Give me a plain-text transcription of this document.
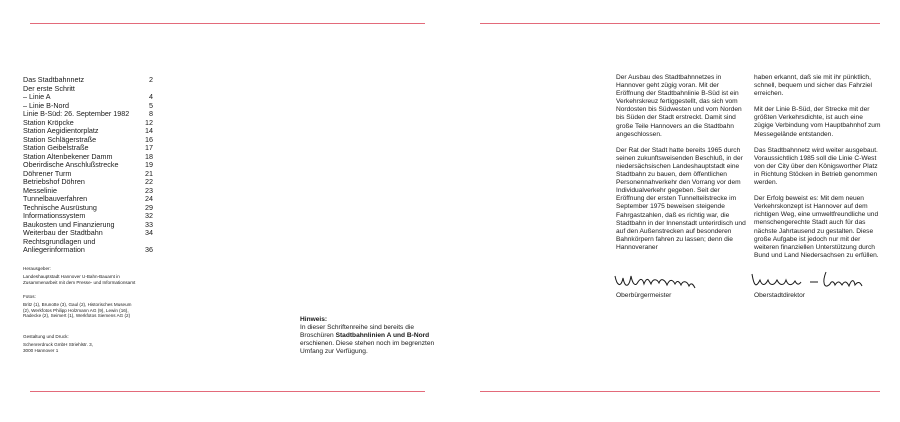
Das Stadtbahnnetz	2
Der erste Schritt
– Linie A	4
– Linie B-Nord	5
Linie B-Süd: 26. September 1982	8
Station Kröpcke	12
Station Aegidientorplatz	14
Station Schlägerstraße	16
Station Geibelstraße	17
Station Altenbekener Damm	18
Oberirdische Anschlußstrecke	19
Döhrener Turm	21
Betriebshof Döhren	22
Messelinie	23
Tunnelbauverfahren	24
Technische Ausrüstung	29
Informationssystem	32
Baukosten und Finanzierung	33
Weiterbau der Stadtbahn	34
Rechtsgrundlagen und Anliegerinformation	36
Herausgeber:
Landeshauptstadt Hannover U-Bahn-Bauamt in Zusammenarbeit mit dem Presse- und Informationsamt
Fotos:
Britz (1), Brunotte (3), Gaul (2), Historisches Museum (2), Werkfotos Philipp Holzmann AG (9), Lewin (16), Radecke (2), Seimert (1), Werkfotos Siemens AG (2)
Gestaltung und Druck:
Schenrerdruck GmbH Striehlstr. 3, 3000 Hannover 1
Hinweis:
In dieser Schriftenreihe sind bereits die Broschüren Stadtbahnlinien A und B-Nord erschienen. Diese stehen noch im begrenzten Umfang zur Verfügung.

Der Ausbau des Stadtbahnnetzes in Hannover geht zügig voran. Mit der Eröffnung der Stadtbahnlinie B-Süd ist ein Verkehrskreuz fertiggestellt, das sich vom Nordosten bis Südwesten und vom Norden bis Süden der Stadt erstreckt. Damit sind große Teile Hannovers an die Stadtbahn angeschlossen.

Der Rat der Stadt hatte bereits 1965 durch seinen zukunftsweisenden Beschluß, in der niedersächsischen Landeshauptstadt eine Stadtbahn zu bauen, dem öffentlichen Personennahverkehr den Vorrang vor dem Individualverkehr gegeben. Seit der Eröffnung der ersten Tunnelteilstrecke im September 1975 beweisen steigende Fahrgastzahlen, daß es richtig war, die Stadtbahn in der Innenstadt unterirdisch und auf den Außenstrecken auf besonderen Bahnkörpern fahren zu lassen; denn die Hannoveraner

haben erkannt, daß sie mit ihr pünktlich, schnell, bequem und sicher das Fahrziel erreichen.

Mit der Linie B-Süd, der Strecke mit der größten Verkehrsdichte, ist auch eine zügige Verbindung vom Hauptbahnhof zum Messegelände entstanden.

Das Stadtbahnnetz wird weiter ausgebaut. Voraussichtlich 1985 soll die Linie C-West von der City über den Königsworther Platz in Richtung Stöcken in Betrieb genommen werden.

Der Erfolg beweist es: Mit dem neuen Verkehrskonzept ist Hannover auf dem richtigen Weg, eine umweltfreundliche und menschengerechte Stadt auch für das nächste Jahrtausend zu gestalten. Diese große Aufgabe ist jedoch nur mit der weiteren finanziellen Unterstützung durch Bund und Land Niedersachsen zu erfüllen.

Oberbürgermeister	Oberstadtdirektor
